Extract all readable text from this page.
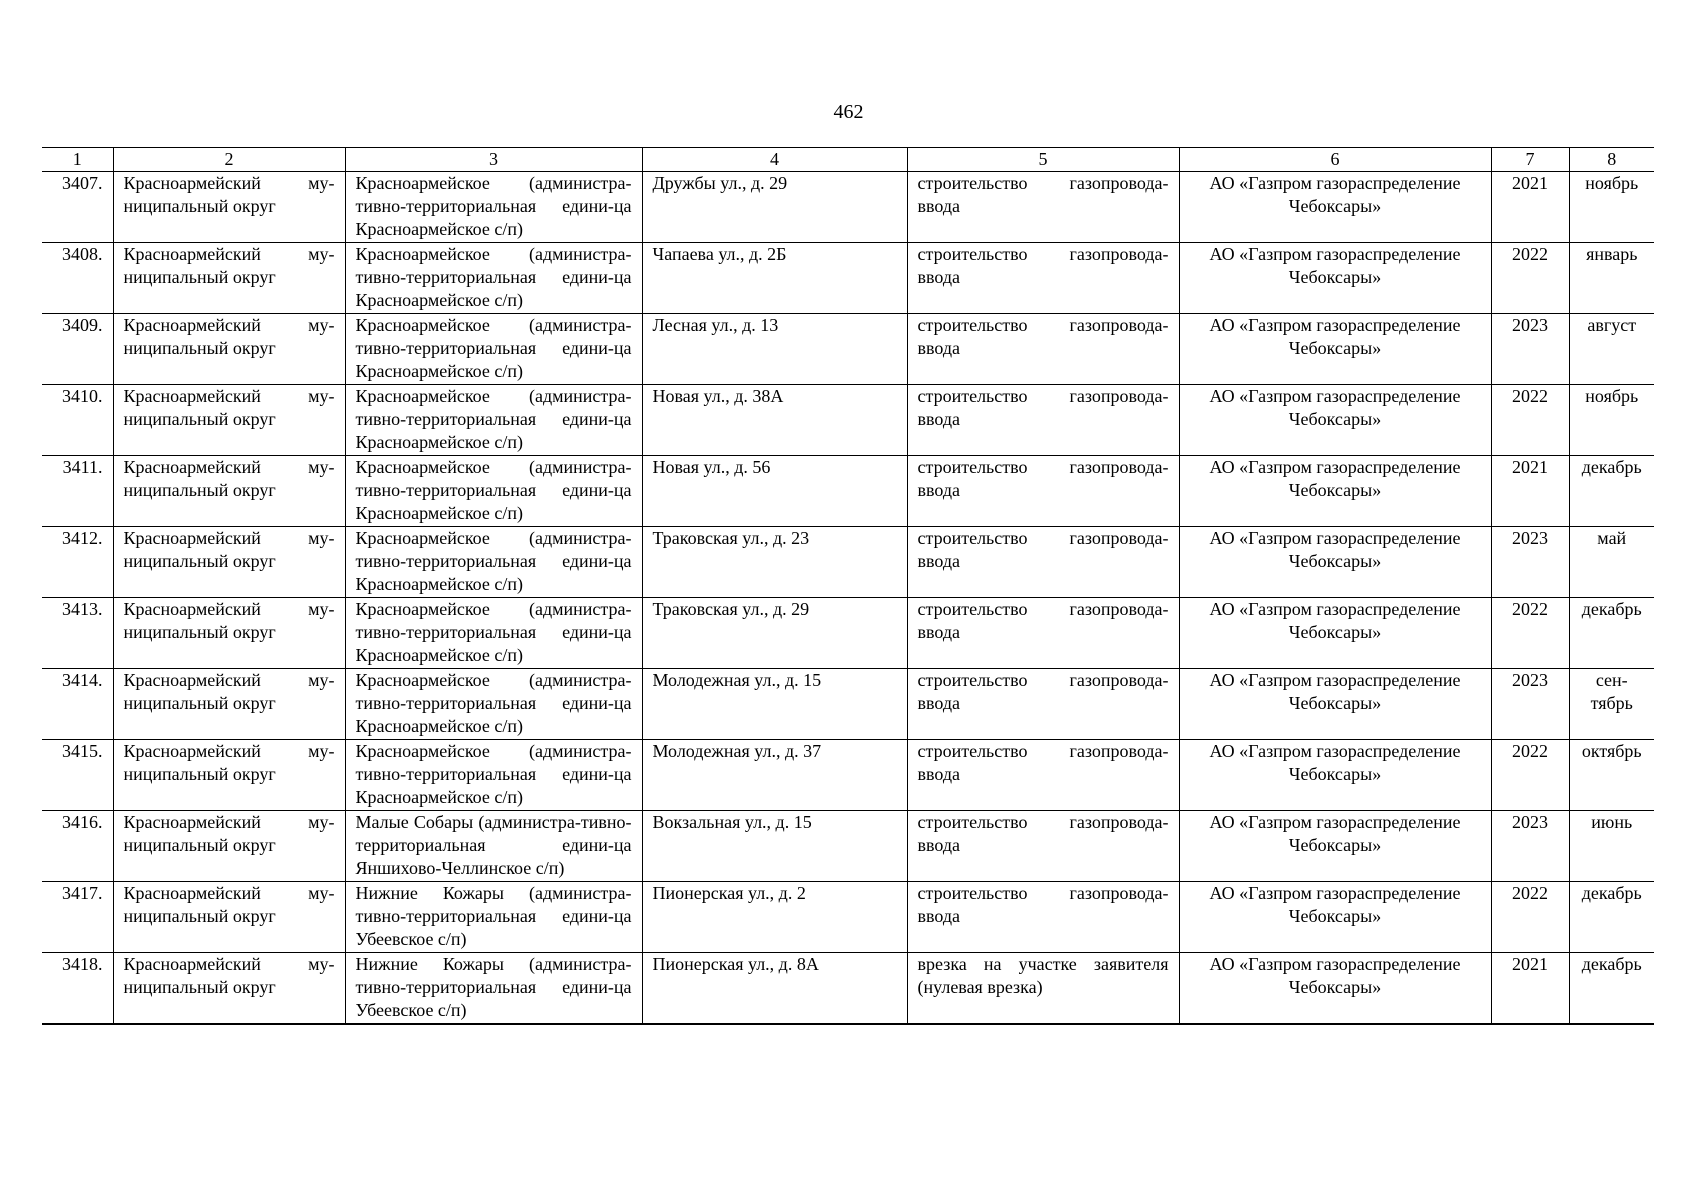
462
1	2	3	4	5	6	7	8
3407.	Красноармейский му-ниципальный округ	Красноармейское (администра-тивно-территориальная едини-ца Красноармейское с/п)	Дружбы ул., д. 29	строительство газопровода-ввода	АО «Газпром газораспределение Чебоксары»	2021	ноябрь
3408.	Красноармейский му-ниципальный округ	Красноармейское (администра-тивно-территориальная едини-ца Красноармейское с/п)	Чапаева ул., д. 2Б	строительство газопровода-ввода	АО «Газпром газораспределение Чебоксары»	2022	январь
3409.	Красноармейский му-ниципальный округ	Красноармейское (администра-тивно-территориальная едини-ца Красноармейское с/п)	Лесная ул., д. 13	строительство газопровода-ввода	АО «Газпром газораспределение Чебоксары»	2023	август
3410.	Красноармейский му-ниципальный округ	Красноармейское (администра-тивно-территориальная едини-ца Красноармейское с/п)	Новая ул., д. 38А	строительство газопровода-ввода	АО «Газпром газораспределение Чебоксары»	2022	ноябрь
3411.	Красноармейский му-ниципальный округ	Красноармейское (администра-тивно-территориальная едини-ца Красноармейское с/п)	Новая ул., д. 56	строительство газопровода-ввода	АО «Газпром газораспределение Чебоксары»	2021	декабрь
3412.	Красноармейский му-ниципальный округ	Красноармейское (администра-тивно-территориальная едини-ца Красноармейское с/п)	Траковская ул., д. 23	строительство газопровода-ввода	АО «Газпром газораспределение Чебоксары»	2023	май
3413.	Красноармейский му-ниципальный округ	Красноармейское (администра-тивно-территориальная едини-ца Красноармейское с/п)	Траковская ул., д. 29	строительство газопровода-ввода	АО «Газпром газораспределение Чебоксары»	2022	декабрь
3414.	Красноармейский му-ниципальный округ	Красноармейское (администра-тивно-территориальная едини-ца Красноармейское с/п)	Молодежная ул., д. 15	строительство газопровода-ввода	АО «Газпром газораспределение Чебоксары»	2023	сен-тябрь
3415.	Красноармейский му-ниципальный округ	Красноармейское (администра-тивно-территориальная едини-ца Красноармейское с/п)	Молодежная ул., д. 37	строительство газопровода-ввода	АО «Газпром газораспределение Чебоксары»	2022	октябрь
3416.	Красноармейский му-ниципальный округ	Малые Собары (администра-тивно-территориальная едини-ца Яншихово-Челлинское с/п)	Вокзальная ул., д. 15	строительство газопровода-ввода	АО «Газпром газораспределение Чебоксары»	2023	июнь
3417.	Красноармейский му-ниципальный округ	Нижние Кожары (администра-тивно-территориальная едини-ца Убеевское с/п)	Пионерская ул., д. 2	строительство газопровода-ввода	АО «Газпром газораспределение Чебоксары»	2022	декабрь
3418.	Красноармейский му-ниципальный округ	Нижние Кожары (администра-тивно-территориальная едини-ца Убеевское с/п)	Пионерская ул., д. 8А	врезка на участке заявителя (нулевая врезка)	АО «Газпром газораспределение Чебоксары»	2021	декабрь
